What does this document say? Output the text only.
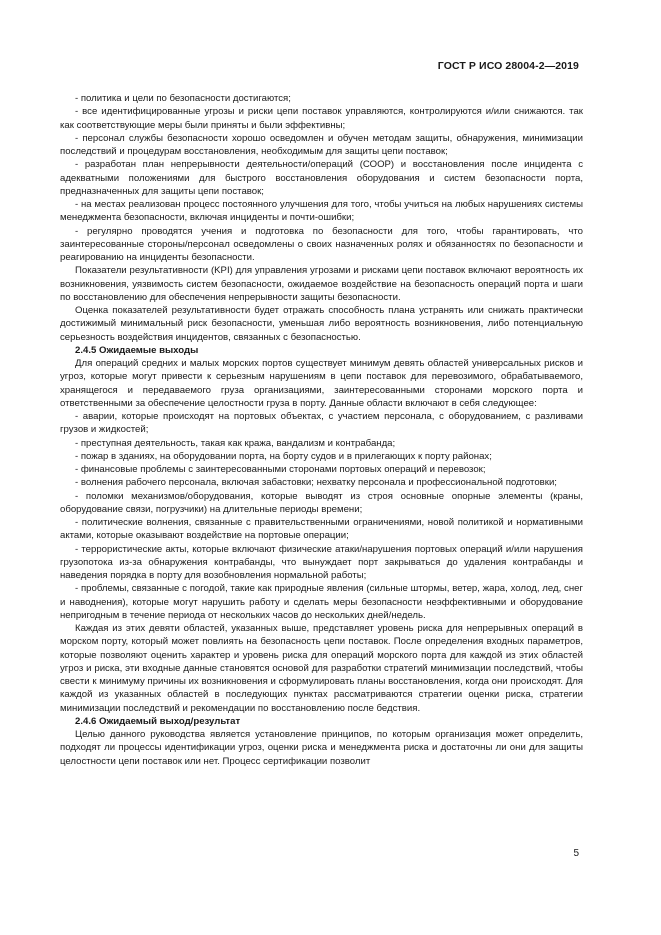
ГОСТ Р ИСО 28004-2—2019

- политика и цели по безопасности достигаются;

- все идентифицированные угрозы и риски цепи поставок управляются, контролируются и/или снижаются. так как соответствующие меры были приняты и были эффективны;

- персонал службы безопасности хорошо осведомлен и обучен методам защиты, обнаружения, минимизации последствий и процедурам восстановления, необходимым для защиты цепи поставок;

- разработан план непрерывности деятельности/операций (СООР) и восстановления после инцидента с адекватными положениями для быстрого восстановления оборудования и систем безопасности порта, предназначенных для защиты цепи поставок;

- на местах реализован процесс постоянного улучшения для того, чтобы учиться на любых нарушениях системы менеджмента безопасности, включая инциденты и почти-ошибки;

- регулярно проводятся учения и подготовка по безопасности для того, чтобы гарантировать, что заинтересованные стороны/персонал осведомлены о своих назначенных ролях и обязанностях по безопасности и реагированию на инциденты безопасности.

Показатели результативности (KPI) для управления угрозами и рисками цепи поставок включают вероятность их возникновения, уязвимость систем безопасности, ожидаемое воздействие на безопасность операций порта и шаги по восстановлению для обеспечения непрерывности защиты безопасности.

Оценка показателей результативности будет отражать способность плана устранять или снижать практически достижимый минимальный риск безопасности, уменьшая либо вероятность возникновения, либо потенциальную серьезность воздействия инцидентов, связанных с безопасностью.

2.4.5 Ожидаемые выходы

Для операций средних и малых морских портов существует минимум девять областей универсальных рисков и угроз, которые могут привести к серьезным нарушениям в цепи поставок для перевозимого, обрабатываемого, хранящегося и передаваемого груза организациями, заинтересованными сторонами морского порта и ответственными за обеспечение целостности груза в порту. Данные области включают в себя следующее:

- аварии, которые происходят на портовых объектах, с участием персонала, с оборудованием, с разливами грузов и жидкостей;

- преступная деятельность, такая как кража, вандализм и контрабанда;

- пожар в зданиях, на оборудовании порта, на борту судов и в прилегающих к порту районах;

- финансовые проблемы с заинтересованными сторонами портовых операций и перевозок;

- волнения рабочего персонала, включая забастовки; нехватку персонала и профессиональной подготовки;

- поломки механизмов/оборудования, которые выводят из строя основные опорные элементы (краны, оборудование связи, погрузчики) на длительные периоды времени;

- политические волнения, связанные с правительственными ограничениями, новой политикой и нормативными актами, которые оказывают воздействие на портовые операции;

- террористические акты, которые включают физические атаки/нарушения портовых операций и/или нарушения грузопотока из-за обнаружения контрабанды, что вынуждает порт закрываться до удаления контрабанды и наведения порядка в порту для возобновления нормальной работы;

- проблемы, связанные с погодой, такие как природные явления (сильные штормы, ветер, жара, холод, лед, снег и наводнения), которые могут нарушить работу и сделать меры безопасности неэффективными и оборудование непригодным в течение периода от нескольких часов до нескольких дней/недель.

Каждая из этих девяти областей, указанных выше, представляет уровень риска для непрерывных операций в морском порту, который может повлиять на безопасность цепи поставок. После определения входных параметров, которые позволяют оценить характер и уровень риска для операций морского порта для каждой из этих областей угроз и риска, эти входные данные становятся основой для разработки стратегий минимизации последствий, чтобы свести к минимуму причины их возникновения и сформулировать планы восстановления, когда они происходят. Для каждой из указанных областей в последующих пунктах рассматриваются стратегии оценки риска, стратегии минимизации последствий и рекомендации по восстановлению после бедствия.

2.4.6 Ожидаемый выход/результат

Целью данного руководства является установление принципов, по которым организация может определить, подходят ли процессы идентификации угроз, оценки риска и менеджмента риска и достаточны ли они для защиты целостности цепи поставок или нет. Процесс сертификации позволит

5
